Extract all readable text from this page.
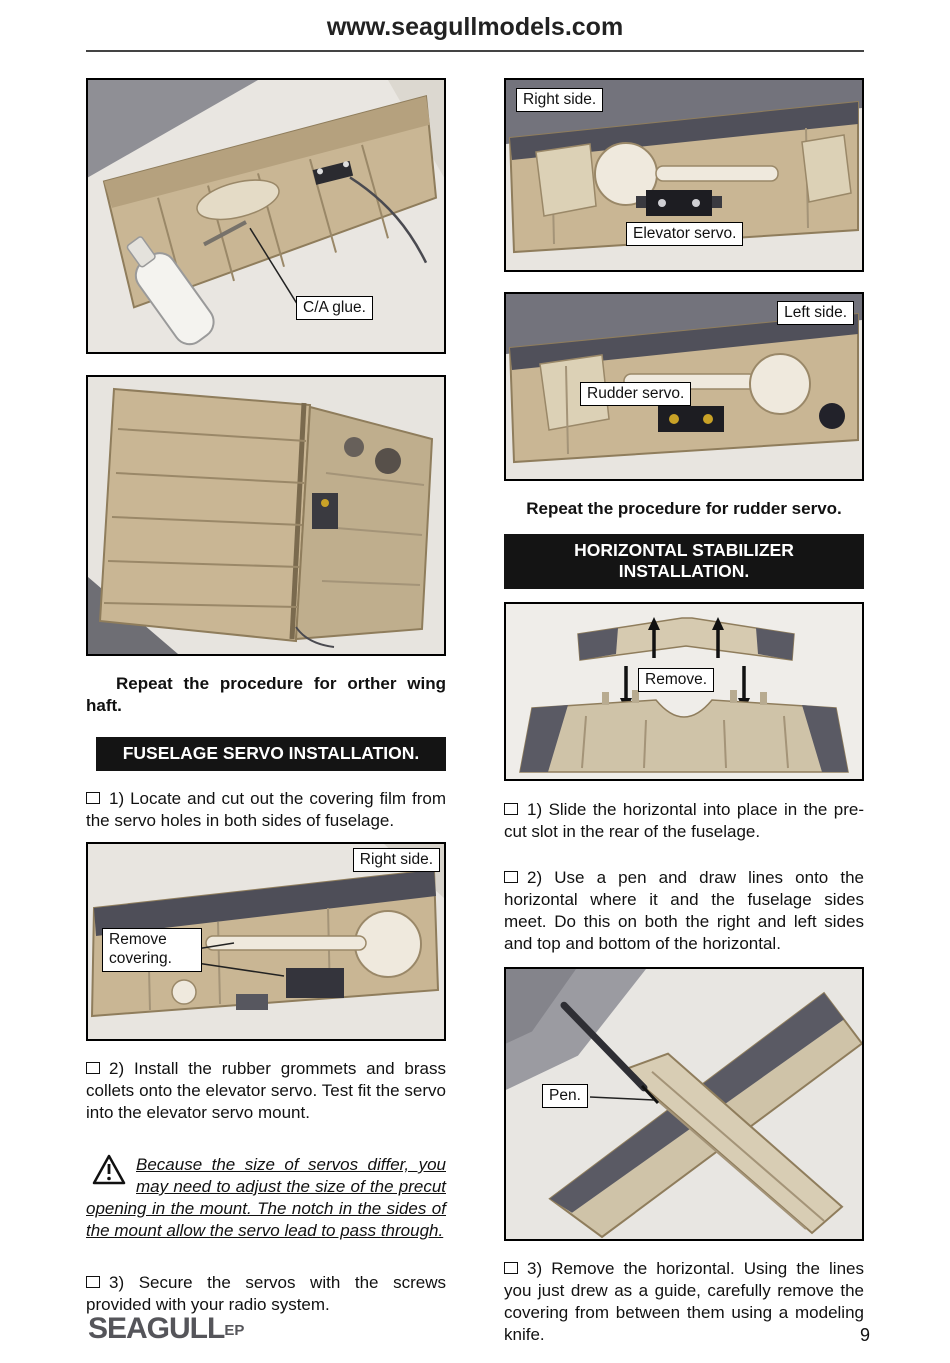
www.seagullmodels.com
C/A glue.

Repeat the procedure for orther wing haft.

FUSELAGE SERVO INSTALLATION.

1) Locate and cut out the covering film from the servo holes in both sides of fuselage.

Right side.
Remove covering.

2) Install the rubber grommets and brass collets onto the elevator servo. Test fit the servo into the elevator servo mount.

Because the size of servos differ, you may need to adjust the size of the precut opening in the mount. The notch in the sides of the mount allow the servo lead to pass through.

3) Secure the servos with the screws provided with your radio system.

Right side.
Elevator servo.
Left side.
Rudder servo.

Repeat the procedure for rudder servo.

HORIZONTAL STABILIZER INSTALLATION.
Remove.

1) Slide the horizontal into place in the pre-cut slot in the rear of the fuselage.

2) Use a pen and draw lines onto the horizontal where it and the fuselage sides meet. Do this on both the right and left sides and top and bottom of the horizontal.

Pen.

3) Remove the horizontal. Using the lines you just drew as a guide, carefully remove the covering from between them using a modeling knife.

SEAGULLEP	9
